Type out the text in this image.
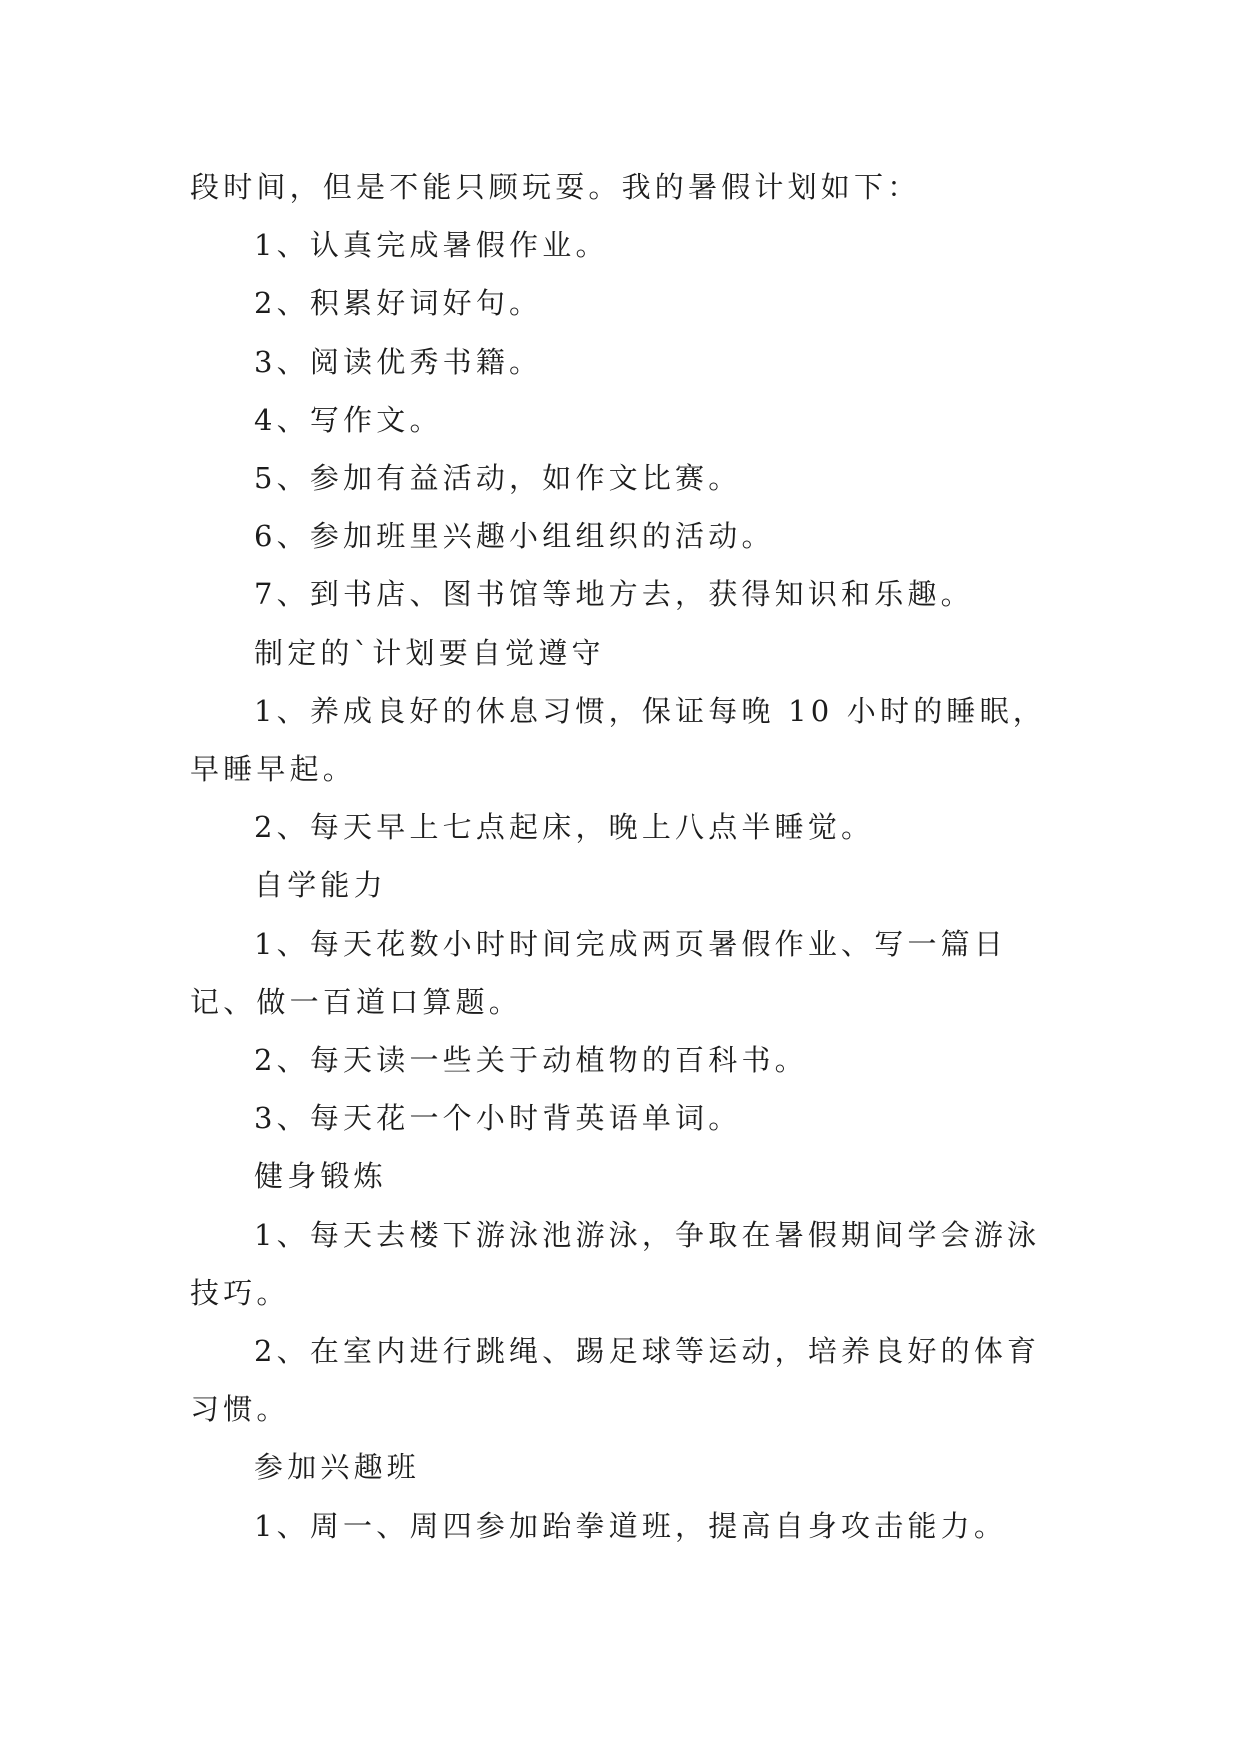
段时间，但是不能只顾玩耍。我的暑假计划如下：

1、认真完成暑假作业。

2、积累好词好句。

3、阅读优秀书籍。

4、写作文。

5、参加有益活动，如作文比赛。

6、参加班里兴趣小组组织的活动。

7、到书店、图书馆等地方去，获得知识和乐趣。

制定的`计划要自觉遵守

1、养成良好的休息习惯，保证每晚 10 小时的睡眠，早睡早起。

2、每天早上七点起床，晚上八点半睡觉。

自学能力

1、每天花数小时时间完成两页暑假作业、写一篇日记、做一百道口算题。

2、每天读一些关于动植物的百科书。

3、每天花一个小时背英语单词。

健身锻炼

1、每天去楼下游泳池游泳，争取在暑假期间学会游泳技巧。

2、在室内进行跳绳、踢足球等运动，培养良好的体育习惯。

参加兴趣班

1、周一、周四参加跆拳道班，提高自身攻击能力。
